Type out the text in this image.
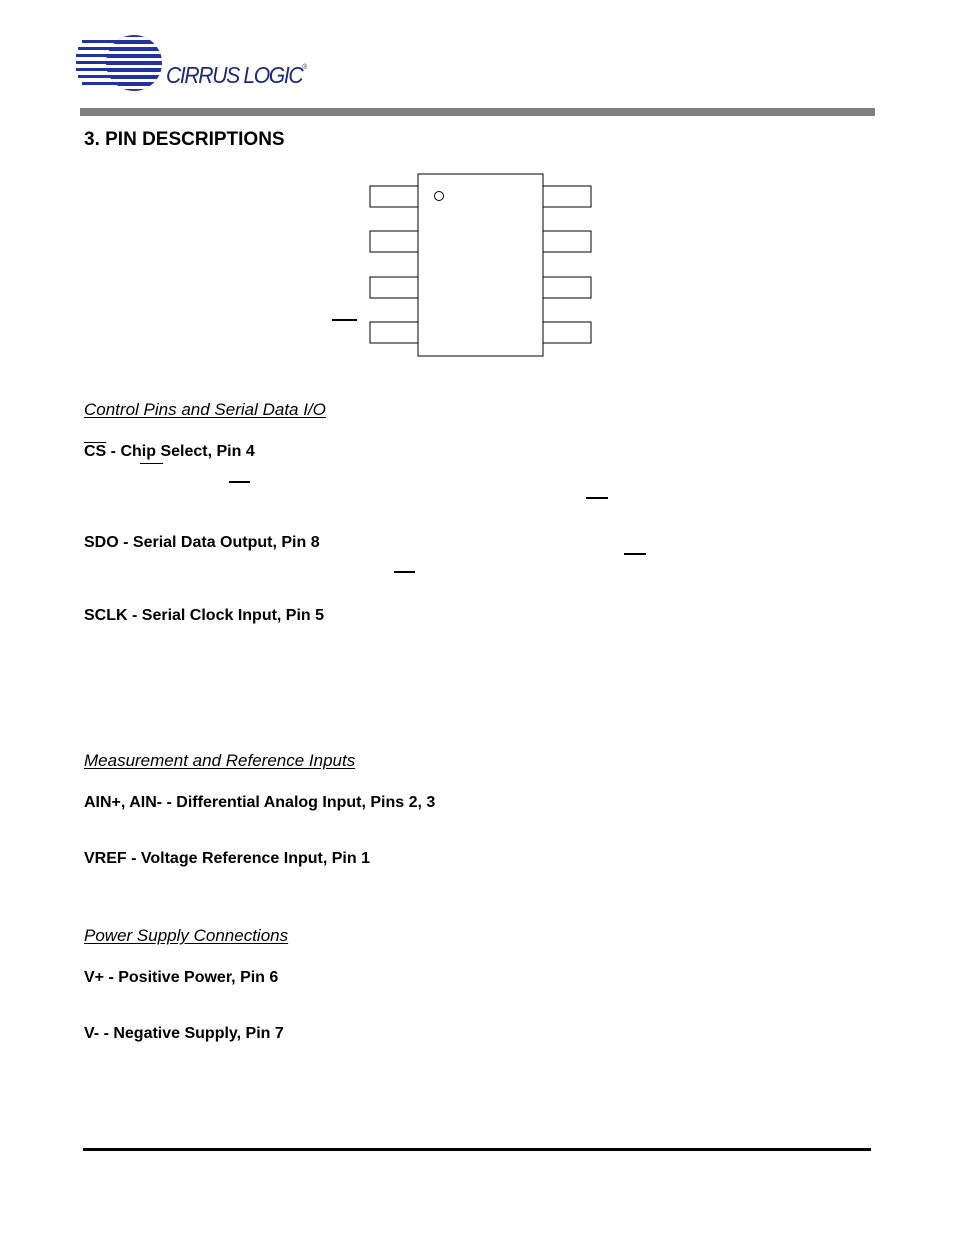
CIRRUS LOGIC®
3. PIN DESCRIPTIONS
Control Pins and Serial Data I/O
$\overline{CS}$ - Chip Select, Pin 4
SDO - Serial Data Output, Pin 8
SCLK - Serial Clock Input, Pin 5
Measurement and Reference Inputs
AIN+, AIN- - Differential Analog Input, Pins 2, 3
VREF - Voltage Reference Input, Pin 1
Power Supply Connections
V+ - Positive Power, Pin 6
V- - Negative Supply, Pin 7
